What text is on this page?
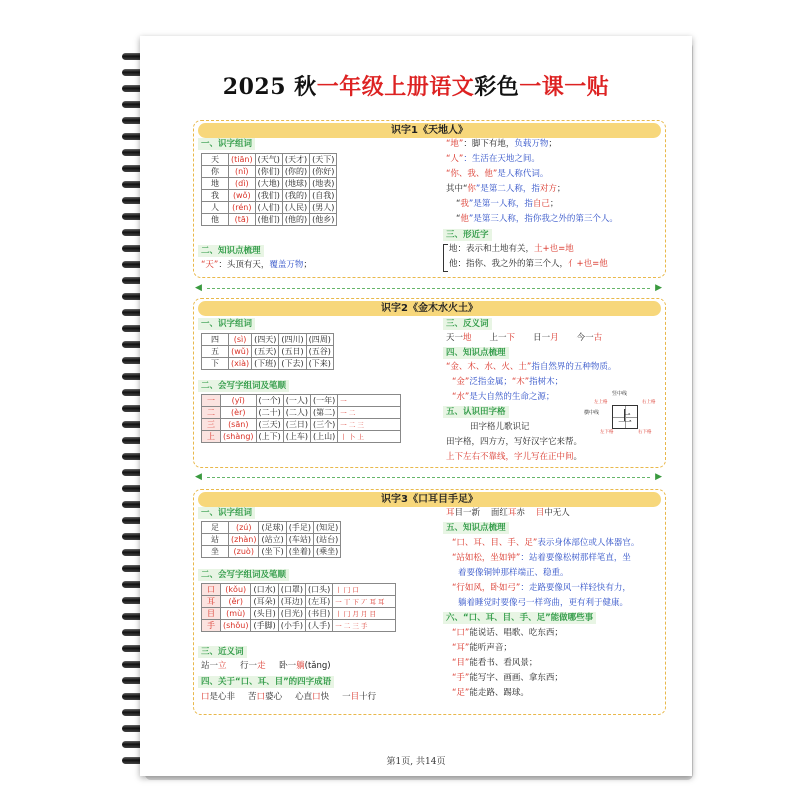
2025 秋一年级上册语文彩色一课一贴
识字1《天地人》
一、识字组词
天	(tiān)	(天气)	(天才)	(天下)
你	(nǐ)	(你们)	(你的)	(你好)
地	(dì)	(大地)	(地球)	(地表)
我	(wǒ)	(我们)	(我的)	(自我)
人	(rén)	(人们)	(人民)	(男人)
他	(tā)	(他们)	(他的)	(他乡)
二、知识点梳理
“天”：头顶有天，覆盖万物；
“地”：脚下有地，负载万物；
“人”：生活在天地之间。
“你、我、他”是人称代词。
其中“你”是第二人称，指对方；
“我”是第一人称，指自己；
“他”是第三人称，指你我之外的第三个人。
三、形近字
地：表示和土地有关，土+也=地
他：指你、我之外的第三个人，亻+也=他
◀	▶
识字2《金木水火土》
一、识字组词
四	(sì)	(四天)	(四川)	(四周)
五	(wǔ)	(五天)	(五日)	(五谷)
下	(xià)	(下班)	(下去)	(下来)
二、会写字组词及笔顺
一	(yī)	(一个)	(一人)	(一年)	一
二	(èr)	(二十)	(二人)	(第二)	一 二
三	(sān)	(三天)	(三日)	(三个)	一 二 三
上	(shàng)	(上下)	(上车)	(上山)	丨 卜 上
三、反义词
天一地 上一下 日一月 今一古
四、知识点梳理
“金、木、水、火、土”指自然界的五种物质。
“金”泛指金属；“木”指树木；
“水”是大自然的生命之源；
五、认识田字格
田字格儿歌识记
田字格，四方方，写好汉字它来帮。
上下左右不靠线，字儿写在正中间。
上
竖中线
横中线
左上格	右上格
左下格	右下格
◀	▶
识字3《口耳目手足》
一、识字组词
足	(zú)	(足球)	(手足)	(知足)
站	(zhàn)	(站立)	(车站)	(站台)
坐	(zuò)	(坐下)	(坐着)	(乘坐)
二、会写字组词及笔顺
口	(kǒu)	(口水)	(口罩)	(口头)	丨 冂 口
耳	(ěr)	(耳朵)	(耳边)	(左耳)	一 丅 下 丆 耳 耳
目	(mù)	(头目)	(目光)	(书目)	丨 冂 月 月 目
手	(shǒu)	(手脚)	(小手)	(人手)	一 二 三 手
三、近义词
站一立 行一走 卧一躺(tǎng)
四、关于“口、耳、目”的四字成语
口是心非 苦口婆心 心直口快 一目十行
耳目一新 面红耳赤 目中无人
五、知识点梳理
“口、耳、目、手、足”表示身体部位或人体器官。
“站如松，坐如钟”：站着要像松树那样笔直，坐
着要像铜钟那样端正、稳重。
“行如风，卧如弓”：走路要像风一样轻快有力，
躺着睡觉时要像弓一样弯曲，更有利于健康。
六、“口、耳、目、手、足”能做哪些事
“口”能说话、唱歌、吃东西；
“耳”能听声音；
“目”能看书、看风景；
“手”能写字、画画、拿东西；
“足”能走路、踢球。
第1页, 共14页
